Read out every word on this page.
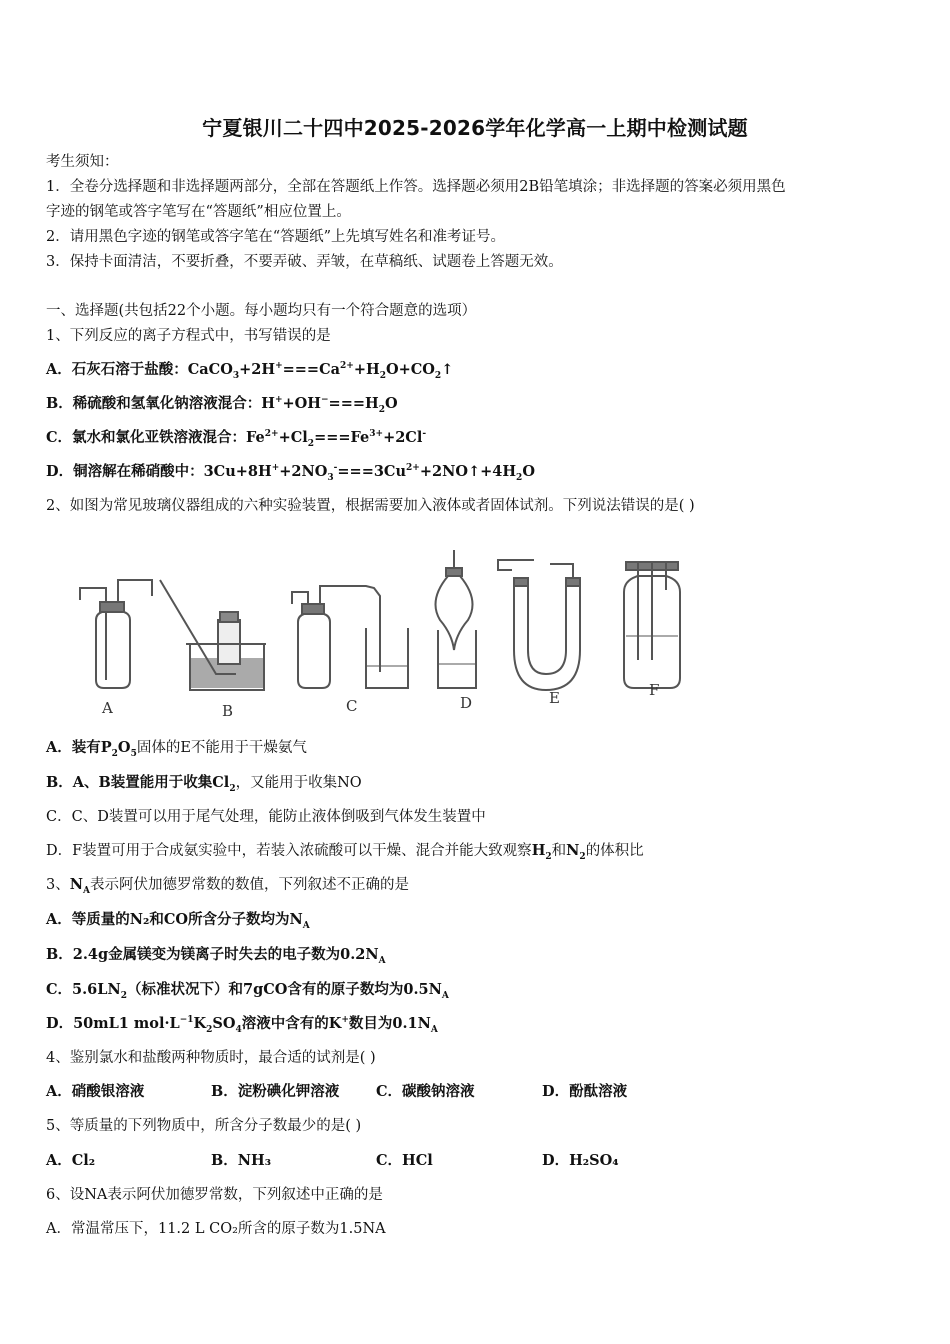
宁夏银川二十四中2025-2026学年化学高一上期中检测试题
考生须知：
1．全卷分选择题和非选择题两部分，全部在答题纸上作答。选择题必须用2B铅笔填涂；非选择题的答案必须用黑色
字迹的钢笔或答字笔写在“答题纸”相应位置上。
2．请用黑色字迹的钢笔或答字笔在“答题纸”上先填写姓名和准考证号。
3．保持卡面清洁，不要折叠，不要弄破、弄皱，在草稿纸、试题卷上答题无效。
一、选择题(共包括22个小题。每小题均只有一个符合题意的选项）
1、下列反应的离子方程式中，书写错误的是
A．石灰石溶于盐酸：$CaCO_3+2H^+===Ca^{2+}+H_2O+CO_2↑$
B．稀硫酸和氢氧化钠溶液混合：$H^++OH^-===H_2O$
C．氯水和氯化亚铁溶液混合：$Fe^{2+}+Cl_2===Fe^{3+}+2Cl^-$
D．铜溶解在稀硝酸中：$3Cu+8H^++2NO_3^-===3Cu^{2+}+2NO↑+4H_2O$
2、如图为常见玻璃仪器组成的六种实验装置，根据需要加入液体或者固体试剂。下列说法错误的是( )
A	B	C	D	E	F
A．装有$P_2O_5$固体的E不能用于干燥氨气
B．A、B装置能用于收集$Cl_2$，又能用于收集NO
C．C、D装置可以用于尾气处理，能防止液体倒吸到气体发生装置中
D．F装置可用于合成氨实验中，若装入浓硫酸可以干燥、混合并能大致观察$H_2$和$N_2$的体积比
3、$N_A$表示阿伏加德罗常数的数值，下列叙述不正确的是
A．等质量的N₂和CO所含分子数均为$N_A$
B．2.4g金属镁变为镁离子时失去的电子数为$0.2N_A$
C．$5.6LN_2$（标准状况下）和7gCO含有的原子数均为$0.5N_A$
D．50mL1 $mol\cdot L^{-1}K_2SO_4$溶液中含有的K+数目为$0.1N_A$
4、鉴别氯水和盐酸两种物质时，最合适的试剂是( )
A．硝酸银溶液	B．淀粉碘化钾溶液	C．碳酸钠溶液	D．酚酞溶液
5、等质量的下列物质中，所含分子数最少的是( )
A．Cl₂	B．NH₃	C．HCl	D．H₂SO₄
6、设NA表示阿伏加德罗常数，下列叙述中正确的是
A．常温常压下，11.2 L CO₂所含的原子数为1.5NA
